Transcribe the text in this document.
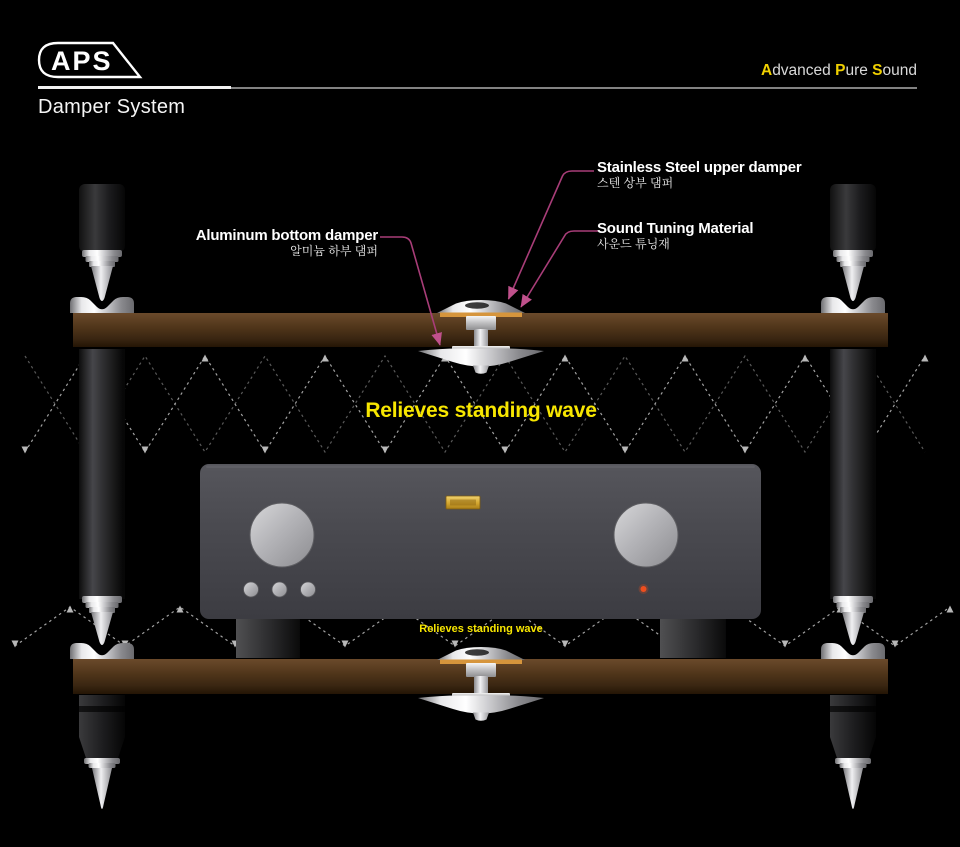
APS
Damper System
Advanced Pure Sound
Stainless Steel upper damper
스텐 상부 댐퍼
Sound Tuning Material
사운드 튜닝재
Aluminum bottom damper
알미늄 하부 댐퍼
Relieves standing wave
Relieves standing wave
